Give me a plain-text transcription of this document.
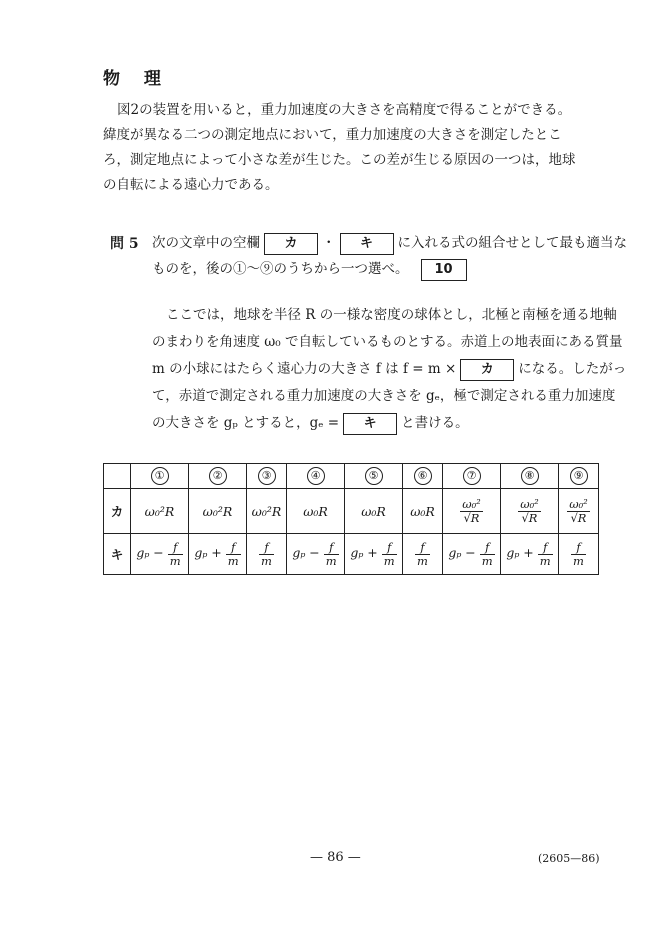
物 理
図2の装置を用いると，重力加速度の大きさを高精度で得ることができる。緯度が異なる二つの測定地点において，重力加速度の大きさを測定したところ，測定地点によって小さな差が生じた。この差が生じる原因の一つは，地球の自転による遠心力である。
問 5 次の文章中の空欄 カ ・ キ に入れる式の組合せとして最も適当な
ものを，後の①～⑨のうちから一つ選べ。 10
ここでは，地球を半径 R の一様な密度の球体とし，北極と南極を通る地軸
のまわりを角速度 ω₀ で自転しているものとする。赤道上の地表面にある質量
m の小球にはたらく遠心力の大きさ f は f = m × カ になる。したがっ
て，赤道で測定される重力加速度の大きさを gₑ，極で測定される重力加速度
の大きさを gₚ とすると，gₑ = キ と書ける。
	①	②	③	④	⑤	⑥	⑦	⑧	⑨
カ	ω₀²R	ω₀²R	ω₀²R	ω₀R	ω₀R	ω₀R	$\frac{\text{ω₀²}}{√R}$	$\frac{\text{ω₀²}}{√R}$	$\frac{\text{ω₀²}}{√R}$

キ	$g_p - \frac{f}{m}$	$g_p + \frac{f}{m}$	$\frac{f}{m}$	$g_p - \frac{f}{m}$	$g_p + \frac{f}{m}$	$\frac{f}{m}$	$g_p - \frac{f}{m}$	$g_p + \frac{f}{m}$	$\frac{f}{m}$
— 86 —	(2605—86)
